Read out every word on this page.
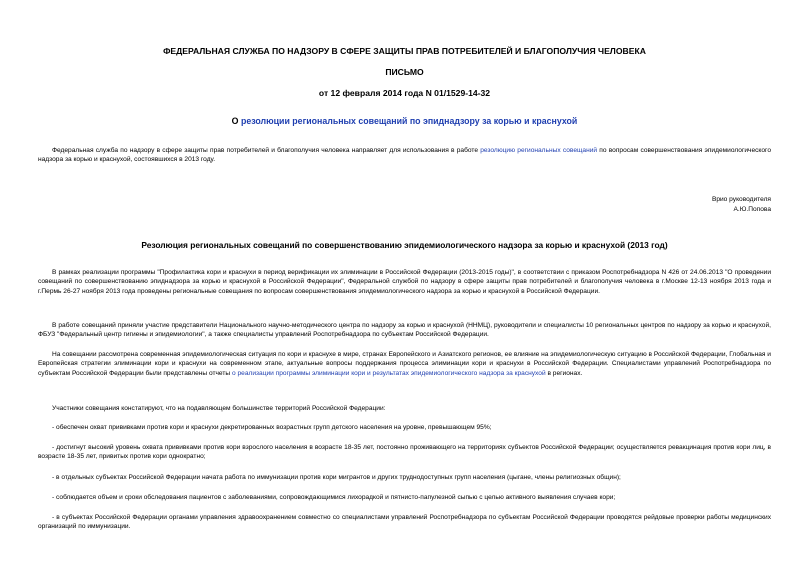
ФЕДЕРАЛЬНАЯ СЛУЖБА ПО НАДЗОРУ В СФЕРЕ ЗАЩИТЫ ПРАВ ПОТРЕБИТЕЛЕЙ И БЛАГОПОЛУЧИЯ ЧЕЛОВЕКА
ПИСЬМО
от 12 февраля 2014 года N 01/1529-14-32
О резолюции региональных совещаний по эпиднадзору за корью и краснухой
Федеральная служба по надзору в сфере защиты прав потребителей и благополучия человека направляет для использования в работе резолюцию региональных совещаний по вопросам совершенствования эпидемиологического надзора за корью и краснухой, состоявшихся в 2013 году.
Врио руководителя
А.Ю.Попова
Резолюция региональных совещаний по совершенствованию эпидемиологического надзора за корью и краснухой (2013 год)
В рамках реализации программы "Профилактика кори и краснухи в период верификации их элиминации в Российской Федерации (2013-2015 годы)", в соответствии с приказом Роспотребнадзора N 426 от 24.06.2013 "О проведении совещаний по совершенствованию эпиднадзора за корью и краснухой в Российской Федерации", Федеральной службой по надзору в сфере защиты прав потребителей и благополучия человека в г.Москве 12-13 ноября 2013 года и г.Пермь 26-27 ноября 2013 года проведены региональные совещания по вопросам совершенствования эпидемиологического надзора за корью и краснухой в Российской Федерации.
В работе совещаний приняли участие представители Национального научно-методического центра по надзору за корью и краснухой (ННМЦ), руководители и специалисты 10 региональных центров по надзору за корью и краснухой, ФБУЗ "Федеральный центр гигиены и эпидемиологии", а также специалисты управлений Роспотребнадзора по субъектам Российской Федерации.
На совещании рассмотрена современная эпидемиологическая ситуация по кори и краснухе в мире, странах Европейского и Азиатского регионов, ее влияние на эпидемиологическую ситуацию в Российской Федерации, Глобальная и Европейская стратегии элиминации кори и краснухи на современном этапе, актуальные вопросы поддержания процесса элиминации кори и краснухи в Российской Федерации. Специалистами управлений Роспотребнадзора по субъектам Российской Федерации были представлены отчеты о реализации программы элиминации кори и результатах эпидемиологического надзора за краснухой в регионах.
Участники совещания констатируют, что на подавляющем большинстве территорий Российской Федерации:
- обеспечен охват прививками против кори и краснухи декретированных возрастных групп детского населения на уровне, превышающем 95%;
- достигнут высокий уровень охвата прививками против кори взрослого населения в возрасте 18-35 лет, постоянно проживающего на территориях субъектов Российской Федерации; осуществляется ревакцинация против кори лиц, в возрасте 18-35 лет, привитых против кори однократно;
- в отдельных субъектах Российской Федерации начата работа по иммунизации против кори мигрантов и других труднодоступных групп населения (цыгане, члены религиозных общин);
- соблюдается объем и сроки обследования пациентов с заболеваниями, сопровождающимися лихорадкой и пятнисто-папулезной сыпью с целью активного выявления случаев кори;
- в субъектах Российской Федерации органами управления здравоохранением совместно со специалистами управлений Роспотребнадзора по субъектам Российской Федерации проводятся рейдовые проверки работы медицинских организаций по иммунизации.
